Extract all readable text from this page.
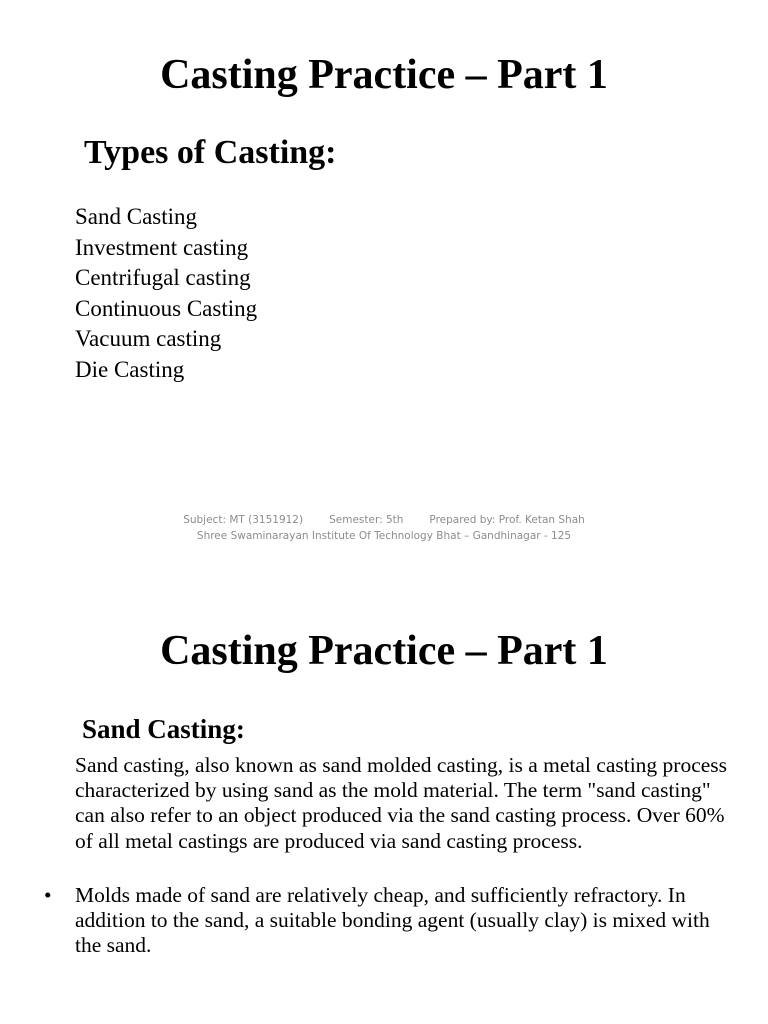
Casting Practice – Part 1
Types of Casting:
Sand Casting
Investment casting
Centrifugal casting
Continuous Casting
Vacuum casting
Die Casting
Subject: MT (3151912) Semester: 5th Prepared by: Prof. Ketan Shah
Shree Swaminarayan Institute Of Technology Bhat – Gandhinagar - 125
Casting Practice – Part 1
Sand Casting:

Sand casting, also known as sand molded casting, is a metal casting process characterized by using sand as the mold material. The term "sand casting" can also refer to an object produced via the sand casting process. Over 60% of all metal castings are produced via sand casting process.

• Molds made of sand are relatively cheap, and sufficiently refractory. In addition to the sand, a suitable bonding agent (usually clay) is mixed with the sand.
